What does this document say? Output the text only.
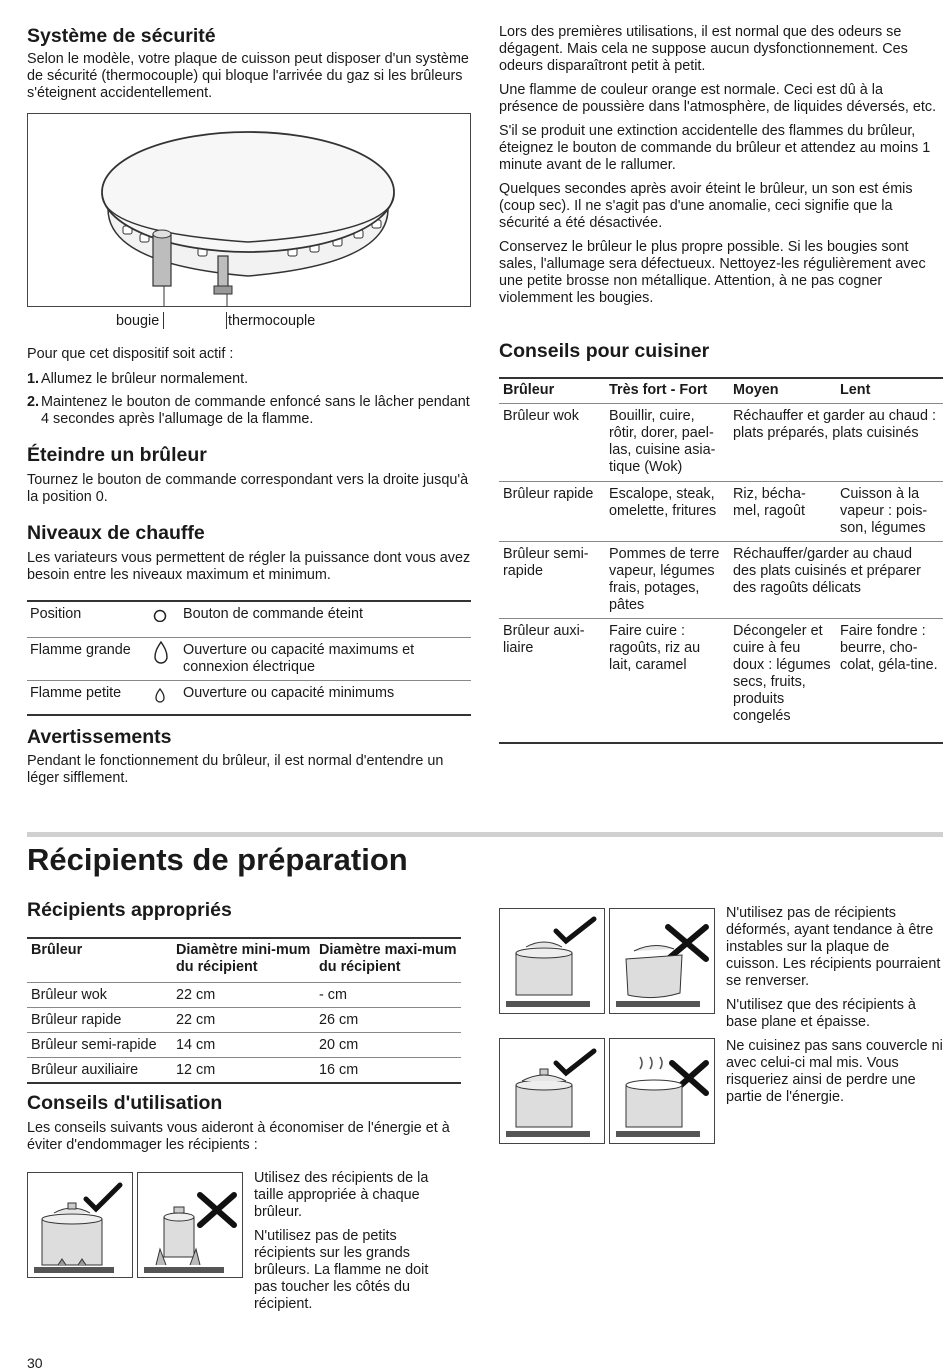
Système de sécurité

Selon le modèle, votre plaque de cuisson peut disposer d'un système de sécurité (thermocouple) qui bloque l'arrivée du gaz si les brûleurs s'éteignent accidentellement.

bougie	thermocouple

Pour que cet dispositif soit actif :

1. Allumez le brûleur normalement.
2. Maintenez le bouton de commande enfoncé sans le lâcher pendant 4 secondes après l'allumage de la flamme.
Éteindre un brûleur

Tournez le bouton de commande correspondant vers la droite jusqu'à la position 0.

Niveaux de chauffe

Les variateurs vous permettent de régler la puissance dont vous avez besoin entre les niveaux maximum et minimum.

Position		Bouton de commande éteint
Flamme grande		Ouverture ou capacité maximums et connexion électrique
Flamme petite		Ouverture ou capacité minimums
Avertissements

Pendant le fonctionnement du brûleur, il est normal d'entendre un léger sifflement.

Lors des premières utilisations, il est normal que des odeurs se dégagent. Mais cela ne suppose aucun dysfonctionnement. Ces odeurs disparaîtront petit à petit.

Une flamme de couleur orange est normale. Ceci est dû à la présence de poussière dans l'atmosphère, de liquides déversés, etc.

S'il se produit une extinction accidentelle des flammes du brûleur, éteignez le bouton de commande du brûleur et attendez au moins 1 minute avant de le rallumer.

Quelques secondes après avoir éteint le brûleur, un son est émis (coup sec). Il ne s'agit pas d'une anomalie, ceci signifie que la sécurité a été désactivée.

Conservez le brûleur le plus propre possible. Si les bougies sont sales, l'allumage sera défectueux. Nettoyez-les régulièrement avec une petite brosse non métallique. Attention, à ne pas cogner violemment les bougies.

Conseils pour cuisiner
Brûleur	Très fort - Fort	Moyen	Lent
Brûleur wok	Bouillir, cuire, rôtir, dorer, pael-las, cuisine asia-tique (Wok)	Réchauffer et garder au chaud : plats préparés, plats cuisinés	
Brûleur rapide	Escalope, steak, omelette, fritures	Riz, bécha-mel, ragoût	Cuisson à la vapeur : pois-son, légumes
Brûleur semi-rapide	Pommes de terre vapeur, légumes frais, potages, pâtes	Réchauffer/garder au chaud des plats cuisinés et préparer des ragoûts délicats	
Brûleur auxi-liaire	Faire cuire : ragoûts, riz au lait, caramel	Décongeler et cuire à feu doux : légumes secs, fruits, produits congelés	Faire fondre : beurre, cho-colat, géla-tine.
Récipients de préparation
Récipients appropriés
Brûleur	Diamètre mini-mum du récipient	Diamètre maxi-mum du récipient
Brûleur wok	22 cm	- cm
Brûleur rapide	22 cm	26 cm
Brûleur semi-rapide	14 cm	20 cm
Brûleur auxiliaire	12 cm	16 cm
Conseils d'utilisation

Les conseils suivants vous aideront à économiser de l'énergie et à éviter d'endommager les récipients :

Utilisez des récipients de la taille appropriée à chaque brûleur.

N'utilisez pas de petits récipients sur les grands brûleurs. La flamme ne doit pas toucher les côtés du récipient.

N'utilisez pas de récipients déformés, ayant tendance à être instables sur la plaque de cuisson. Les récipients pourraient se renverser.

N'utilisez que des récipients à base plane et épaisse.

Ne cuisinez pas sans couvercle ni avec celui-ci mal mis. Vous risqueriez ainsi de perdre une partie de l'énergie.

30
